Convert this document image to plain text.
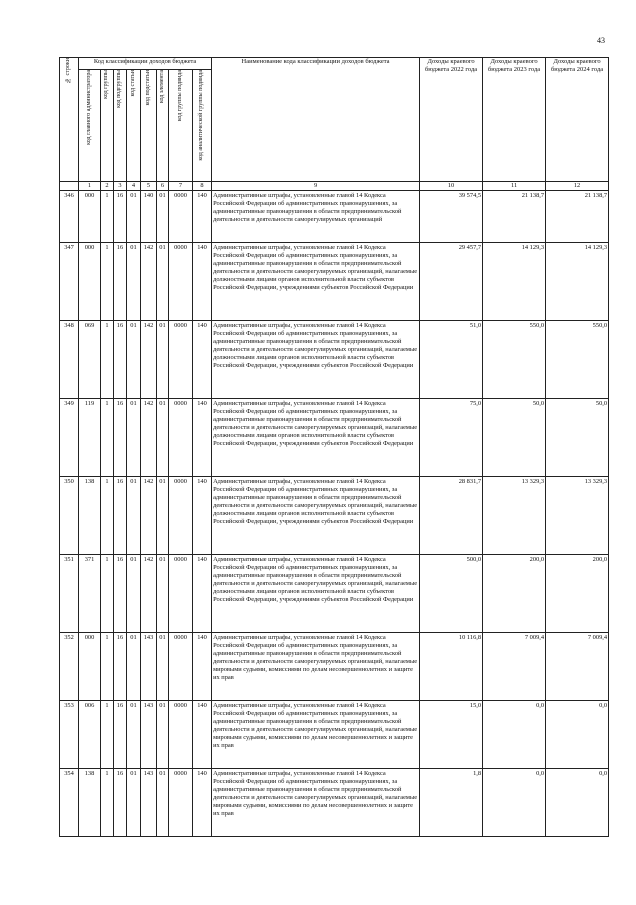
43
№ строки	Код классификации доходов бюджета								Наименование кода классификации доходов бюджета	Доходы краевого бюджета 2022 года	Доходы краевого бюджета 2023 года	Доходы краевого бюджета 2024 года
	код главного администратора	код группы	код подгруппы	код статьи	код подстатьи	код элемента	код группы подвида	код аналитической группы подвида				
	1	2	3	4	5	6	7	8	9	10	11	12
346	000	1	16	01	140	01	0000	140	Административные штрафы, установленные главой 14 Кодекса Российской Федерации об административных правонарушениях, за административные правонарушения в области предпринимательской деятельности и деятельности саморегулируемых организаций	39 574,5	21 138,7	21 138,7
347	000	1	16	01	142	01	0000	140	Административные штрафы, установленные главой 14 Кодекса Российской Федерации об административных правонарушениях, за административные правонарушения в области предпринимательской деятельности и деятельности саморегулируемых организаций, налагаемые должностными лицами органов исполнительной власти субъектов Российской Федерации, учреждениями субъектов Российской Федерации	29 457,7	14 129,3	14 129,3
348	069	1	16	01	142	01	0000	140	Административные штрафы, установленные главой 14 Кодекса Российской Федерации об административных правонарушениях, за административные правонарушения в области предпринимательской деятельности и деятельности саморегулируемых организаций, налагаемые должностными лицами органов исполнительной власти субъектов Российской Федерации, учреждениями субъектов Российской Федерации	51,0	550,0	550,0
349	119	1	16	01	142	01	0000	140	Административные штрафы, установленные главой 14 Кодекса Российской Федерации об административных правонарушениях, за административные правонарушения в области предпринимательской деятельности и деятельности саморегулируемых организаций, налагаемые должностными лицами органов исполнительной власти субъектов Российской Федерации, учреждениями субъектов Российской Федерации	75,0	50,0	50,0
350	138	1	16	01	142	01	0000	140	Административные штрафы, установленные главой 14 Кодекса Российской Федерации об административных правонарушениях, за административные правонарушения в области предпринимательской деятельности и деятельности саморегулируемых организаций, налагаемые должностными лицами органов исполнительной власти субъектов Российской Федерации, учреждениями субъектов Российской Федерации	28 831,7	13 329,3	13 329,3
351	371	1	16	01	142	01	0000	140	Административные штрафы, установленные главой 14 Кодекса Российской Федерации об административных правонарушениях, за административные правонарушения в области предпринимательской деятельности и деятельности саморегулируемых организаций, налагаемые должностными лицами органов исполнительной власти субъектов Российской Федерации, учреждениями субъектов Российской Федерации	500,0	200,0	200,0
352	000	1	16	01	143	01	0000	140	Административные штрафы, установленные главой 14 Кодекса Российской Федерации об административных правонарушениях, за административные правонарушения в области предпринимательской деятельности и деятельности саморегулируемых организаций, налагаемые мировыми судьями, комиссиями по делам несовершеннолетних и защите их прав	10 116,8	7 009,4	7 009,4
353	006	1	16	01	143	01	0000	140	Административные штрафы, установленные главой 14 Кодекса Российской Федерации об административных правонарушениях, за административные правонарушения в области предпринимательской деятельности и деятельности саморегулируемых организаций, налагаемые мировыми судьями, комиссиями по делам несовершеннолетних и защите их прав	15,0	0,0	0,0
354	138	1	16	01	143	01	0000	140	Административные штрафы, установленные главой 14 Кодекса Российской Федерации об административных правонарушениях, за административные правонарушения в области предпринимательской деятельности и деятельности саморегулируемых организаций, налагаемые мировыми судьями, комиссиями по делам несовершеннолетних и защите их прав	1,8	0,0	0,0
